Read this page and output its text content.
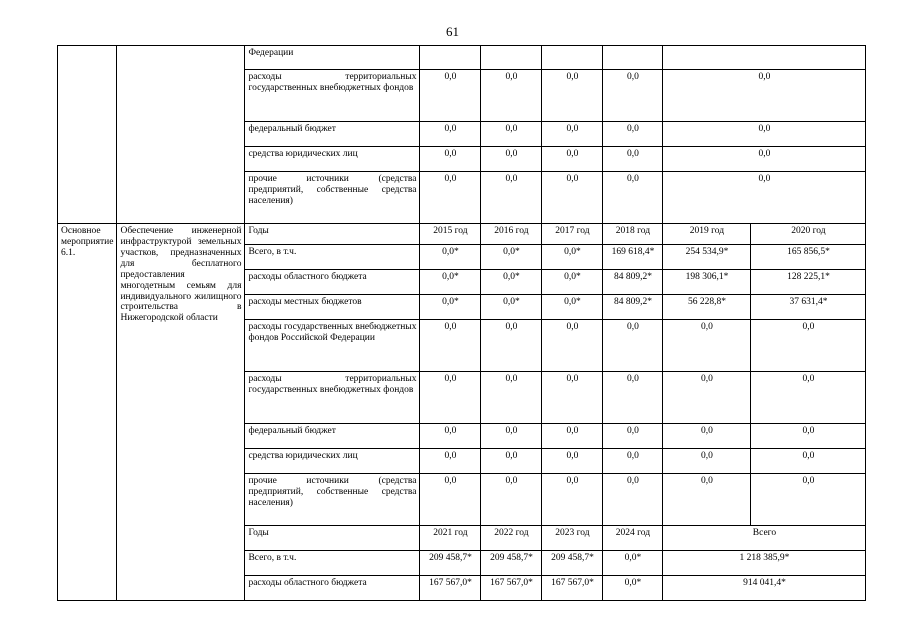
61
		Федерации						
		расходы территориальных государственных внебюджетных фондов	0,0	0,0	0,0	0,0	0,0	
		федеральный бюджет	0,0	0,0	0,0	0,0	0,0	
		средства юридических лиц	0,0	0,0	0,0	0,0	0,0	
		прочие источники (средства предприятий, собственные средства населения)	0,0	0,0	0,0	0,0	0,0	
Основное мероприятие 6.1.	Обеспечение инженерной инфраструктурой земельных участков, предназначенных для бесплатного предоставления многодетным семьям для индивидуального жилищного строительства в Нижегородской области	Годы	2015 год	2016 год	2017 год	2018 год	2019 год	2020 год
		Всего, в т.ч.	0,0*	0,0*	0,0*	169 618,4*	254 534,9*	165 856,5*
		расходы областного бюджета	0,0*	0,0*	0,0*	84 809,2*	198 306,1*	128 225,1*
		расходы местных бюджетов	0,0*	0,0*	0,0*	84 809,2*	56 228,8*	37 631,4*
		расходы государственных внебюджетных фондов Российской Федерации	0,0	0,0	0,0	0,0	0,0	0,0
		расходы территориальных государственных внебюджетных фондов	0,0	0,0	0,0	0,0	0,0	0,0
		федеральный бюджет	0,0	0,0	0,0	0,0	0,0	0,0
		средства юридических лиц	0,0	0,0	0,0	0,0	0,0	0,0
		прочие источники (средства предприятий, собственные средства населения)	0,0	0,0	0,0	0,0	0,0	0,0
		Годы	2021 год	2022 год	2023 год	2024 год	Всего	
		Всего, в т.ч.	209 458,7*	209 458,7*	209 458,7*	0,0*	1 218 385,9*	
		расходы областного бюджета	167 567,0*	167 567,0*	167 567,0*	0,0*	914 041,4*	
